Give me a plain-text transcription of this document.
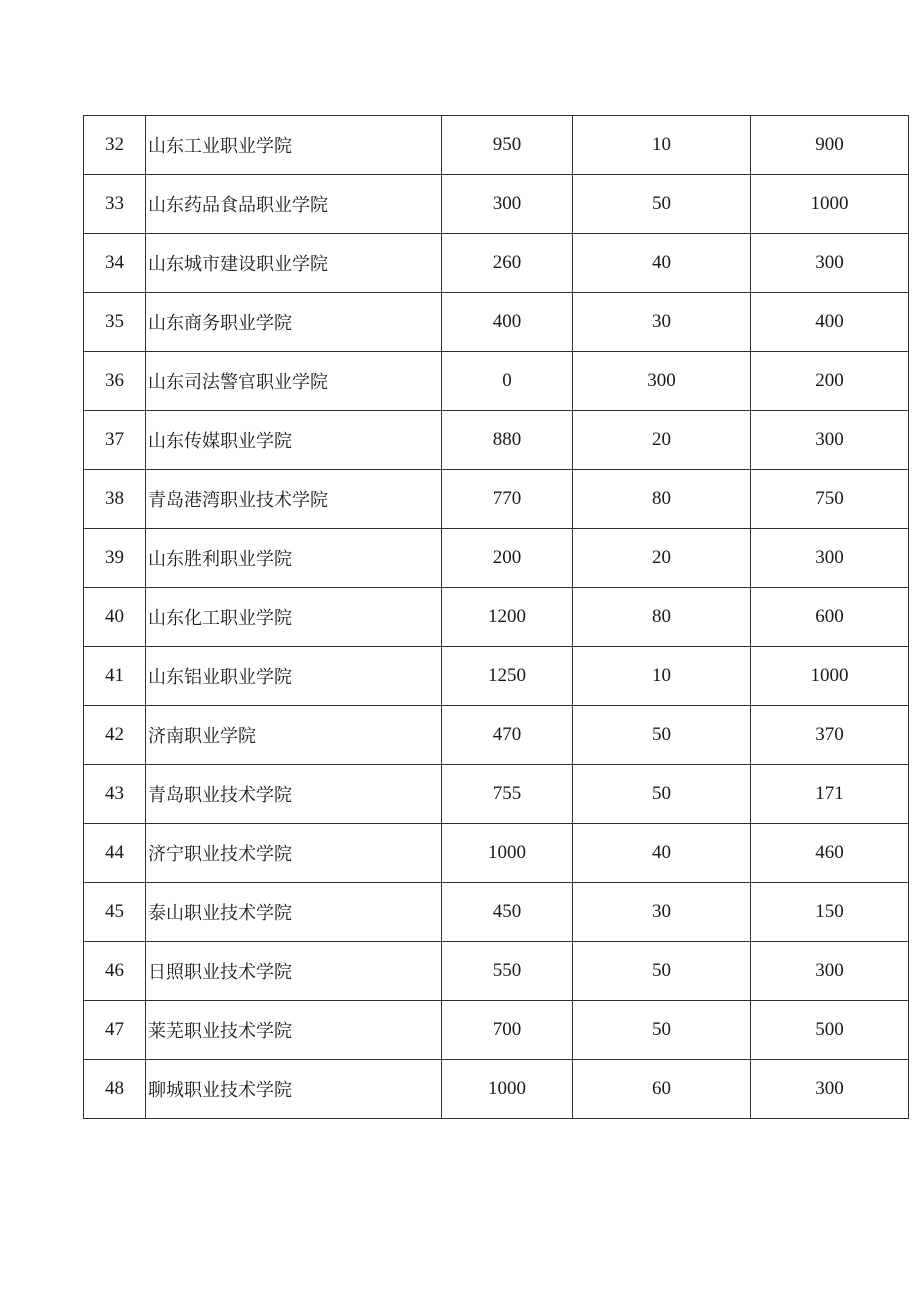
32	山东工业职业学院	950	10	900
33	山东药品食品职业学院	300	50	1000
34	山东城市建设职业学院	260	40	300
35	山东商务职业学院	400	30	400
36	山东司法警官职业学院	0	300	200
37	山东传媒职业学院	880	20	300
38	青岛港湾职业技术学院	770	80	750
39	山东胜利职业学院	200	20	300
40	山东化工职业学院	1200	80	600
41	山东铝业职业学院	1250	10	1000
42	济南职业学院	470	50	370
43	青岛职业技术学院	755	50	171
44	济宁职业技术学院	1000	40	460
45	泰山职业技术学院	450	30	150
46	日照职业技术学院	550	50	300
47	莱芜职业技术学院	700	50	500
48	聊城职业技术学院	1000	60	300
